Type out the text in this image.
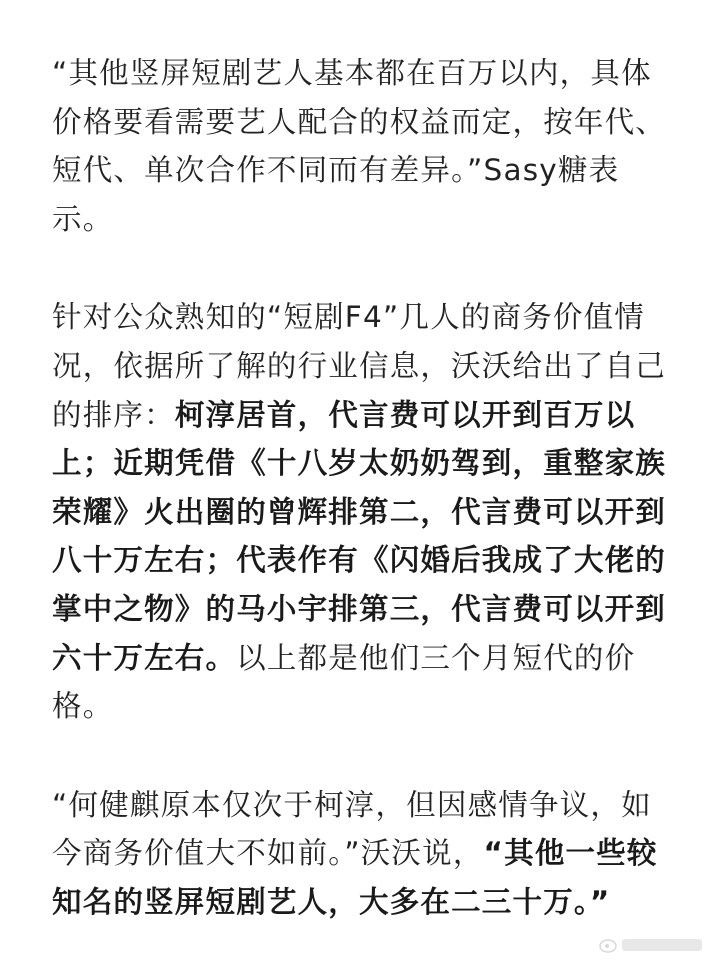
“其他竖屏短剧艺人基本都在百万以内，具体价格要看需要艺人配合的权益而定，按年代、短代、单次合作不同而有差异。”Sasy糖表示。

针对公众熟知的“短剧F4”几人的商务价值情况，依据所了解的行业信息，沃沃给出了自己的排序：柯淳居首，代言费可以开到百万以上；近期凭借《十八岁太奶奶驾到，重整家族荣耀》火出圈的曾辉排第二，代言费可以开到八十万左右；代表作有《闪婚后我成了大佬的掌中之物》的马小宇排第三，代言费可以开到六十万左右。以上都是他们三个月短代的价格。

“何健麒原本仅次于柯淳，但因感情争议，如今商务价值大不如前。”沃沃说，“其他一些较知名的竖屏短剧艺人，大多在二三十万。”
